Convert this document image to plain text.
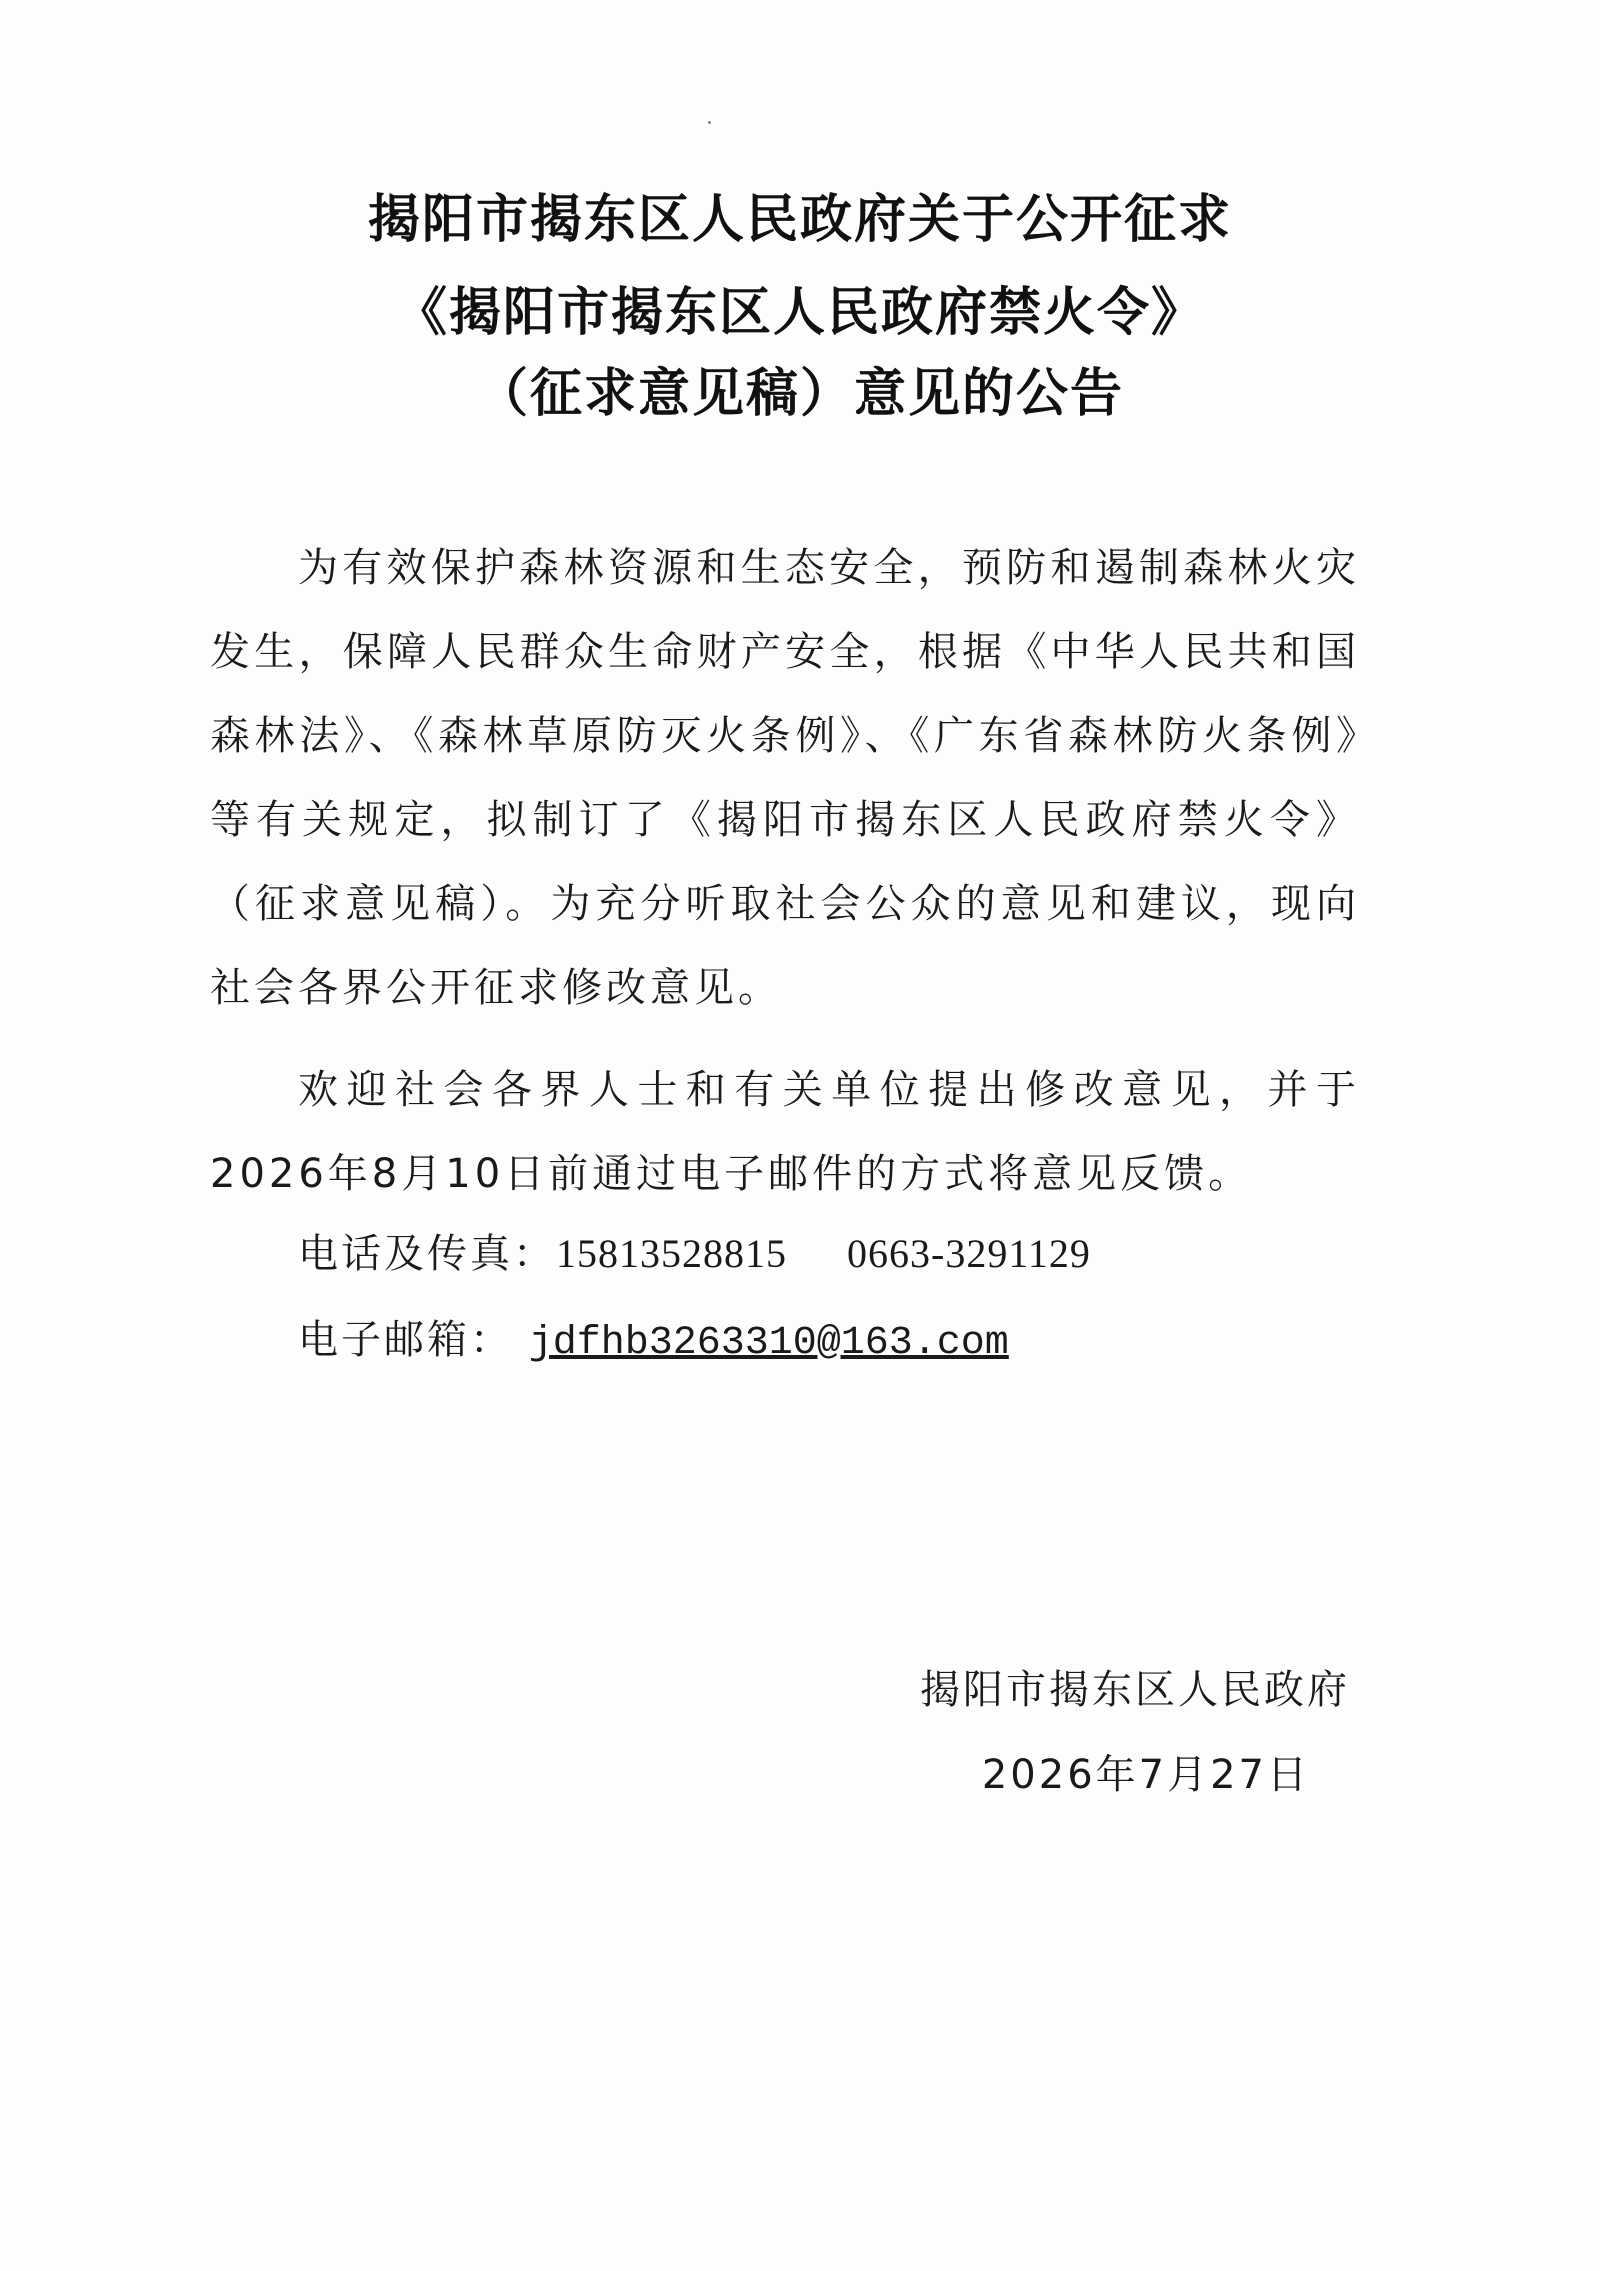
揭阳市揭东区人民政府关于公开征求
《揭阳市揭东区人民政府禁火令》
（征求意见稿）意见的公告
为有效保护森林资源和生态安全，预防和遏制森林火灾发生，保障人民群众生命财产安全，根据《中华人民共和国森林法》、《森林草原防灭火条例》、《广东省森林防火条例》等有关规定，拟制订了《揭阳市揭东区人民政府禁火令》（征求意见稿）。为充分听取社会公众的意见和建议，现向社会各界公开征求修改意见。
欢迎社会各界人士和有关单位提出修改意见，并于2026年8月10日前通过电子邮件的方式将意见反馈。
电话及传真：15813528815 0663-3291129
电子邮箱： jdfhb3263310@163.com
揭阳市揭东区人民政府
2026年7月27日
